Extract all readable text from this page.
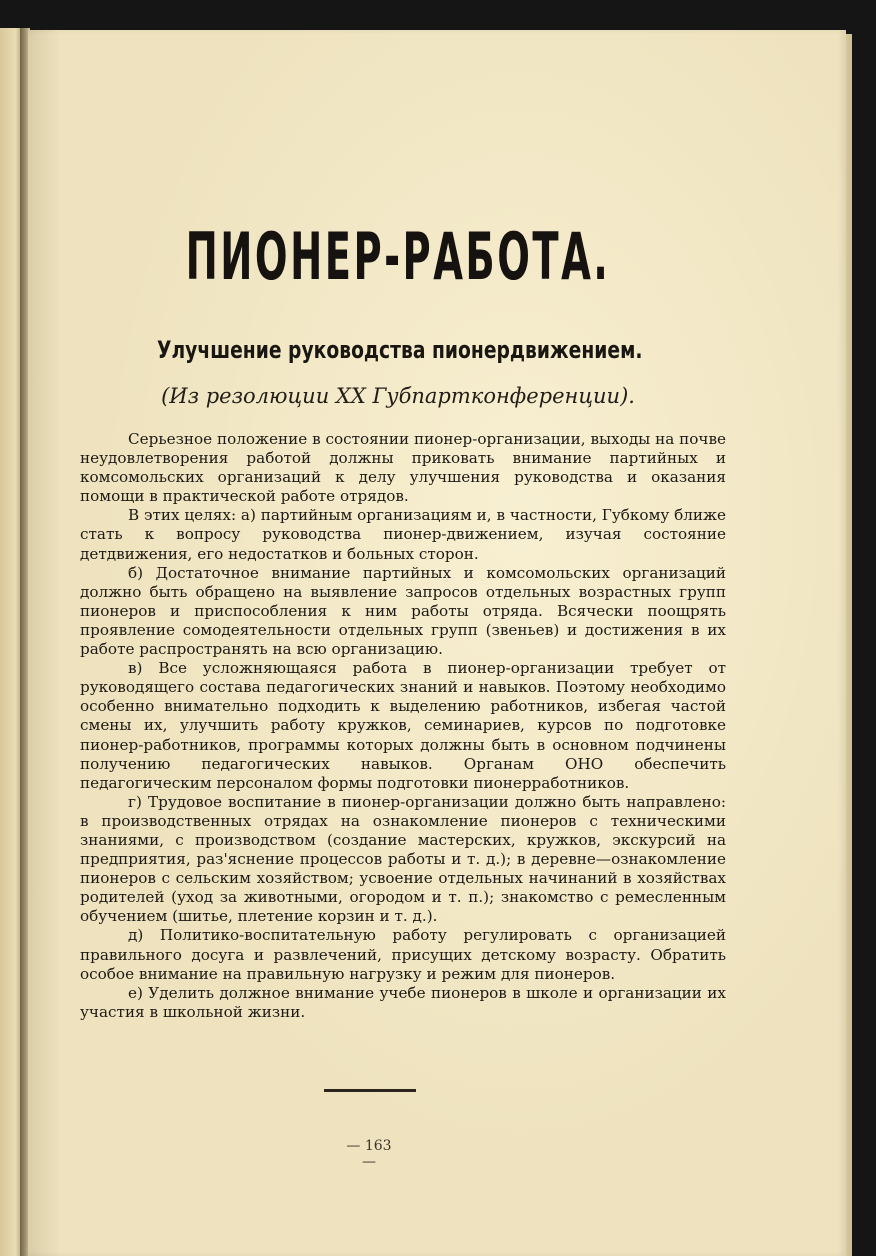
ПИОНЕР-РАБОТА.
Улучшение руководства пионердвижением.
(Из резолюции XX Губпартконференции).

Серьезное положение в состоянии пионер-организации, выходы на почве неудовлетворения работой должны приковать внимание партийных и комсомольских организаций к делу улучшения руководства и оказания помощи в практической работе отрядов.

В этих целях: а) партийным организациям и, в частности, Губкому ближе стать к вопросу руководства пионер-движением, изучая состояние детдвижения, его недостатков и больных сторон.

б) Достаточное внимание партийных и комсомольских организаций должно быть обращено на выявление запросов отдельных возрастных групп пионеров и приспособления к ним работы отряда. Всячески поощрять проявление сомодеятельности отдельных групп (звеньев) и достижения в их работе распространять на всю организацию.

в) Все усложняющаяся работа в пионер-организации требует от руководящего состава педагогических знаний и навыков. Поэтому необходимо особенно внимательно подходить к выделению работников, избегая частой смены их, улучшить работу кружков, семинариев, курсов по подготовке пионер-работников, программы которых должны быть в основном подчинены получению педагогических навыков. Органам ОНО обеспечить педагогическим персоналом формы подготовки пионерработников.

г) Трудовое воспитание в пионер-организации должно быть направлено: в производственных отрядах на ознакомление пионеров с техническими знаниями, с производством (создание мастерских, кружков, экскурсий на предприятия, раз'яснение процессов работы и т. д.); в деревне—ознакомление пионеров с сельским хозяйством; усвоение отдельных начинаний в хозяйствах родителей (уход за животными, огородом и т. п.); знакомство с ремесленным обучением (шитье, плетение корзин и т. д.).

д) Политико-воспитательную работу регулировать с организацией правильного досуга и развлечений, присущих детскому возрасту. Обратить особое внимание на правильную нагрузку и режим для пионеров.

е) Уделить должное внимание учебе пионеров в школе и организации их участия в школьной жизни.

— 163 —
